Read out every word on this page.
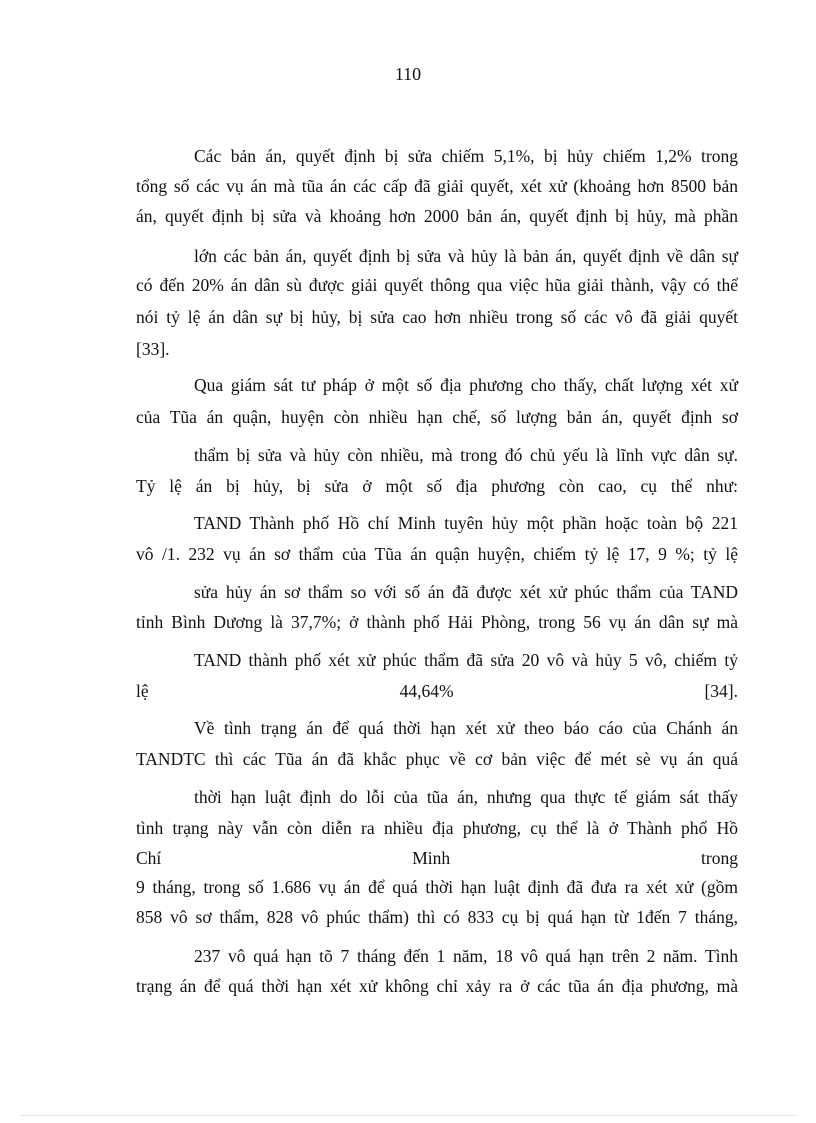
110
Các bản án, quyết định bị sửa chiếm 5,1%, bị hủy chiếm 1,2% trong
tổng số các vụ án mà tũa án các cấp đã giải quyết, xét xử (khoảng hơn 8500 bản
án, quyết định bị sửa và khoảng hơn 2000 bản án, quyết định bị hủy, mà phần
lớn các bản án, quyết định bị sửa và hủy là bản án, quyết định về dân sự
có đến 20% án dân sù được giải quyết thông qua việc hũa giải thành, vậy có thể
nói tỷ lệ án dân sự bị hủy, bị sửa cao hơn nhiều trong số các vô đã giải quyết
[33].
Qua giám sát tư pháp ở một số địa phương cho thấy, chất lượng xét xử
của Tũa án quận, huyện còn nhiều hạn chế, số lượng bản án, quyết định sơ
thẩm bị sửa và hủy còn nhiều, mà trong đó chủ yếu là lĩnh vực dân sự.
Tỷ lệ án bị hủy, bị sửa ở một số địa phương còn cao, cụ thể như:
TAND Thành phố Hồ chí Minh tuyên hủy một phần hoặc toàn bộ 221
vô /1. 232 vụ án sơ thẩm của Tũa án quận huyện, chiếm tỷ lệ 17, 9 %; tỷ lệ
sửa hủy án sơ thẩm so với số án đã được xét xử phúc thẩm của TAND
tỉnh Bình Dương là 37,7%; ở thành phố Hải Phòng, trong 56 vụ án dân sự mà
TAND thành phố xét xử phúc thẩm đã sửa 20 vô và hủy 5 vô, chiếm tỷ
lệ	44,64%	[34].
Về tình trạng án để quá thời hạn xét xử theo báo cáo của Chánh án
TANDTC thì các Tũa án đã khắc phục về cơ bản việc để mét sè vụ án quá
thời hạn luật định do lỗi của tũa án, nhưng qua thực tế giám sát thấy
tình trạng này vẫn còn diễn ra nhiều địa phương, cụ thể là ở Thành phố Hồ
Chí	Minh	trong
9 tháng, trong số 1.686 vụ án để quá thời hạn luật định đã đưa ra xét xử (gồm
858 vô sơ thẩm, 828 vô phúc thẩm) thì có 833 cụ bị quá hạn từ 1đến 7 tháng,
237 vô quá hạn tõ 7 tháng đến 1 năm, 18 vô quá hạn trên 2 năm. Tình
trạng án để quá thời hạn xét xử không chỉ xảy ra ở các tũa án địa phương, mà
